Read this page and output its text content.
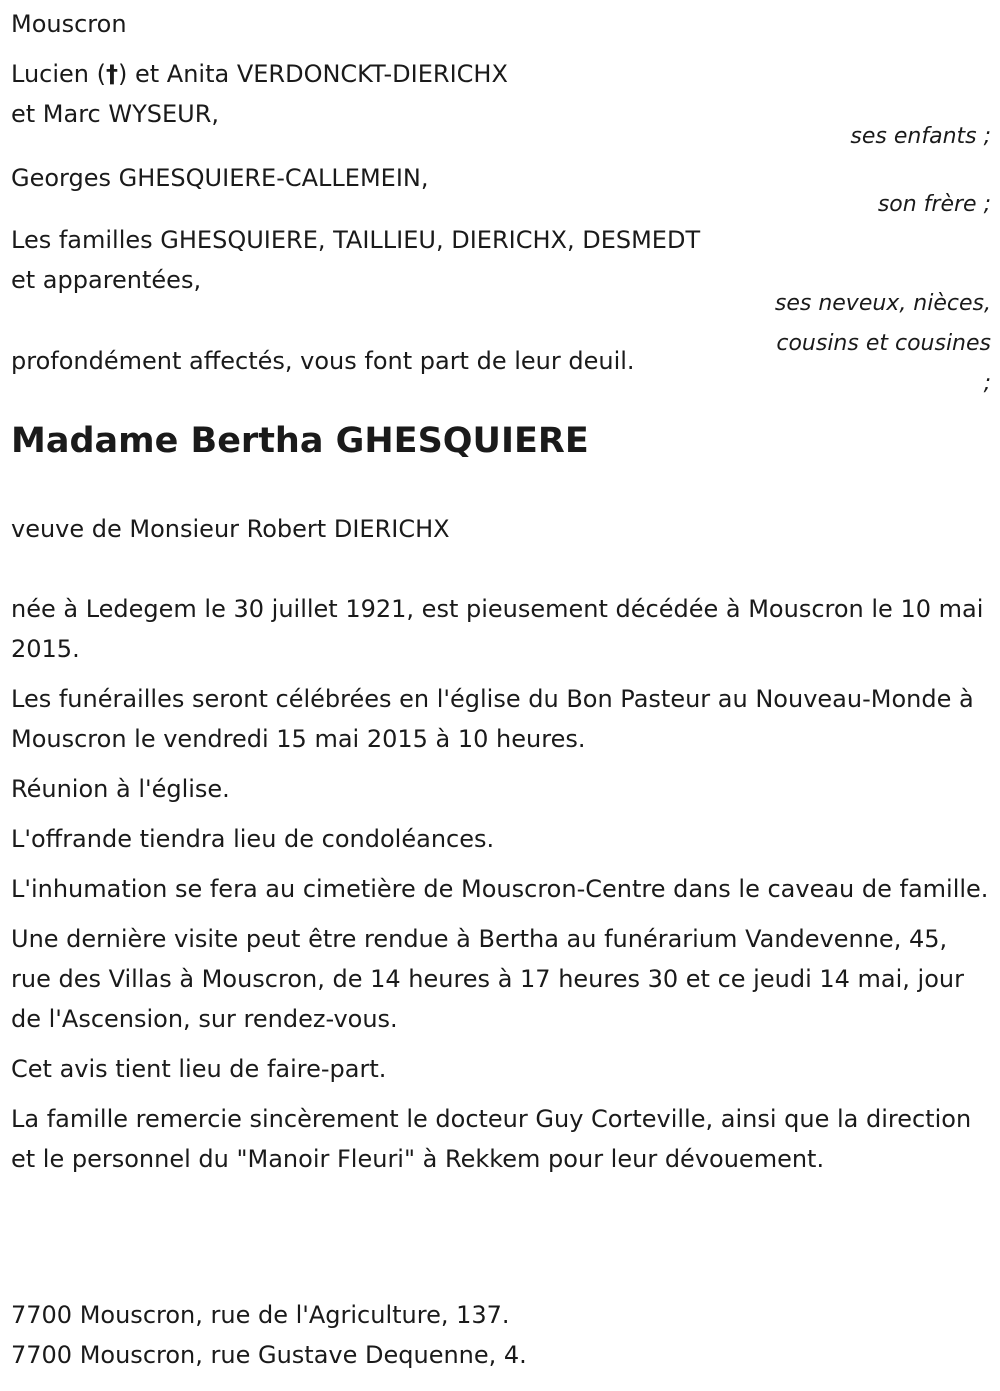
Mouscron
Lucien (†) et Anita VERDONCKT-DIERICHX
et Marc WYSEUR,
ses enfants ;
Georges GHESQUIERE-CALLEMEIN,
son frère ;
Les familles GHESQUIERE, TAILLIEU, DIERICHX, DESMEDT
et apparentées,
ses neveux, nièces,
cousins et cousines
;
profondément affectés, vous font part de leur deuil.
Madame Bertha GHESQUIERE
veuve de Monsieur Robert DIERICHX

née à Ledegem le 30 juillet 1921, est pieusement décédée à Mouscron le 10 mai 2015.

Les funérailles seront célébrées en l'église du Bon Pasteur au Nouveau-Monde à Mouscron le vendredi 15 mai 2015 à 10 heures.

Réunion à l'église.

L'offrande tiendra lieu de condoléances.

L'inhumation se fera au cimetière de Mouscron-Centre dans le caveau de famille.

Une dernière visite peut être rendue à Bertha au funérarium Vandevenne, 45, rue des Villas à Mouscron, de 14 heures à 17 heures 30 et ce jeudi 14 mai, jour de l'Ascension, sur rendez-vous.

Cet avis tient lieu de faire-part.

La famille remercie sincèrement le docteur Guy Corteville, ainsi que la direction et le personnel du "Manoir Fleuri" à Rekkem pour leur dévouement.

7700 Mouscron, rue de l'Agriculture, 137.
7700 Mouscron, rue Gustave Dequenne, 4.
